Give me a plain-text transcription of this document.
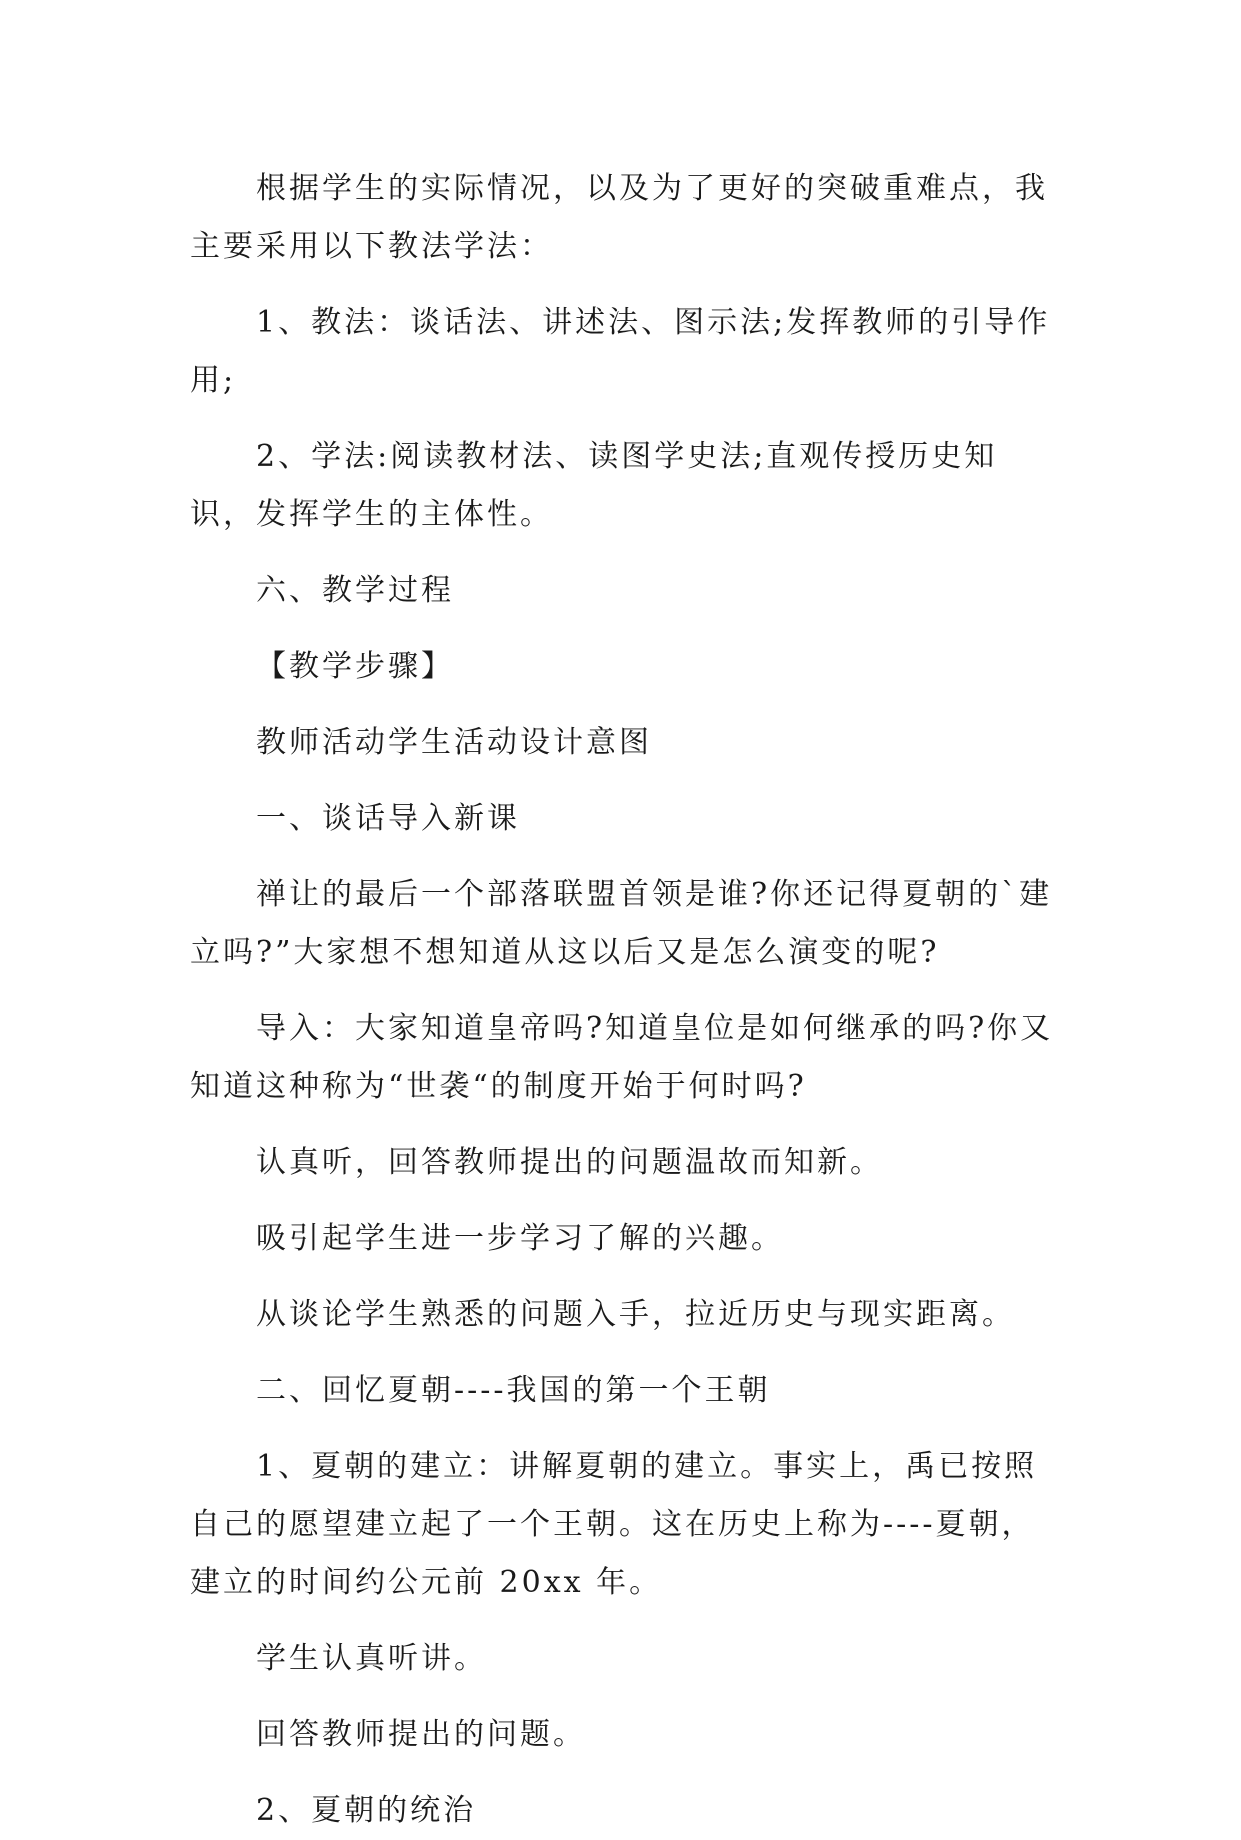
根据学生的实际情况，以及为了更好的突破重难点，我主要采用以下教法学法：

1、教法：谈话法、讲述法、图示法;发挥教师的引导作用;

2、学法:阅读教材法、读图学史法;直观传授历史知识，发挥学生的主体性。

六、教学过程

【教学步骤】

教师活动学生活动设计意图

一、谈话导入新课

禅让的最后一个部落联盟首领是谁?你还记得夏朝的`建立吗?”大家想不想知道从这以后又是怎么演变的呢?

导入：大家知道皇帝吗?知道皇位是如何继承的吗?你又知道这种称为“世袭“的制度开始于何时吗?

认真听，回答教师提出的问题温故而知新。

吸引起学生进一步学习了解的兴趣。

从谈论学生熟悉的问题入手，拉近历史与现实距离。

二、回忆夏朝----我国的第一个王朝

1、夏朝的建立：讲解夏朝的建立。事实上，禹已按照自己的愿望建立起了一个王朝。这在历史上称为----夏朝，建立的时间约公元前 20xx 年。

学生认真听讲。

回答教师提出的问题。

2、夏朝的统治
